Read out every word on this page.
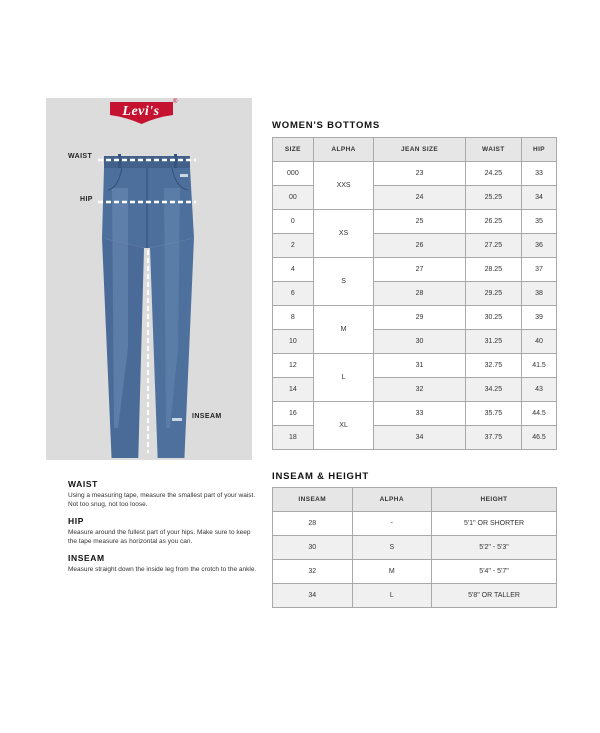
Levi's
®
WAIST
HIP
INSEAM
WAIST

Using a measuring tape, measure the smallest part of your waist. Not too snug, not too loose.

HIP

Measure around the fullest part of your hips. Make sure to keep the tape measure as horizontal as you can.

INSEAM

Measure straight down the inside leg from the crotch to the ankle.

WOMEN'S BOTTOMS
SIZE	ALPHA	JEAN SIZE	WAIST	HIP
000	XXS	23	24.25	33
00		24	25.25	34
0	XS	25	26.25	35
2		26	27.25	36
4	S	27	28.25	37
6		28	29.25	38
8	M	29	30.25	39
10		30	31.25	40
12	L	31	32.75	41.5
14		32	34.25	43
16	XL	33	35.75	44.5
18		34	37.75	46.5
INSEAM & HEIGHT
INSEAM	ALPHA	HEIGHT
28	-	5'1" OR SHORTER
30	S	5'2" - 5'3"
32	M	5'4" - 5'7"
34	L	5'8" OR TALLER
